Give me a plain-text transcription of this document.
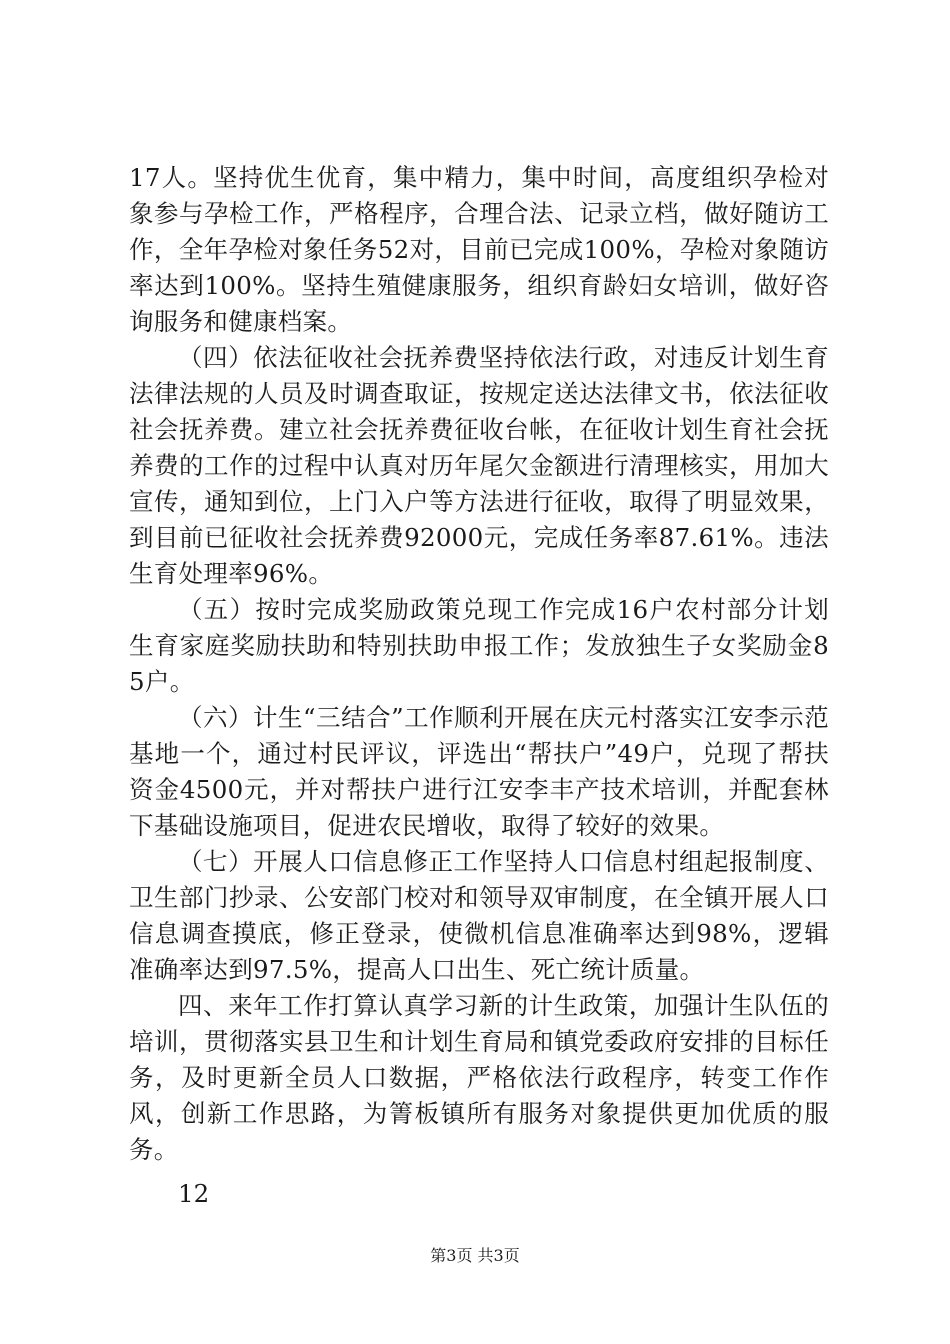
17人。坚持优生优育，集中精力，集中时间，高度组织孕检对象参与孕检工作，严格程序，合理合法、记录立档，做好随访工作，全年孕检对象任务52对，目前已完成100%，孕检对象随访率达到100%。坚持生殖健康服务，组织育龄妇女培训，做好咨询服务和健康档案。

（四）依法征收社会抚养费坚持依法行政，对违反计划生育法律法规的人员及时调查取证，按规定送达法律文书，依法征收社会抚养费。建立社会抚养费征收台帐，在征收计划生育社会抚养费的工作的过程中认真对历年尾欠金额进行清理核实，用加大宣传，通知到位，上门入户等方法进行征收，取得了明显效果，到目前已征收社会抚养费92000元，完成任务率87.61%。违法生育处理率96%。

（五）按时完成奖励政策兑现工作完成16户农村部分计划生育家庭奖励扶助和特别扶助申报工作；发放独生子女奖励金85户。

（六）计生“三结合”工作顺利开展在庆元村落实江安李示范基地一个，通过村民评议，评选出“帮扶户”49户，兑现了帮扶资金4500元，并对帮扶户进行江安李丰产技术培训，并配套林下基础设施项目，促进农民增收，取得了较好的效果。

（七）开展人口信息修正工作坚持人口信息村组起报制度、卫生部门抄录、公安部门校对和领导双审制度，在全镇开展人口信息调查摸底，修正登录，使微机信息准确率达到98%，逻辑准确率达到97.5%，提高人口出生、死亡统计质量。

四、来年工作打算认真学习新的计生政策，加强计生队伍的培训，贯彻落实县卫生和计划生育局和镇党委政府安排的目标任务，及时更新全员人口数据，严格依法行政程序，转变工作作风，创新工作思路，为箐板镇所有服务对象提供更加优质的服务。

12
第3页 共3页
